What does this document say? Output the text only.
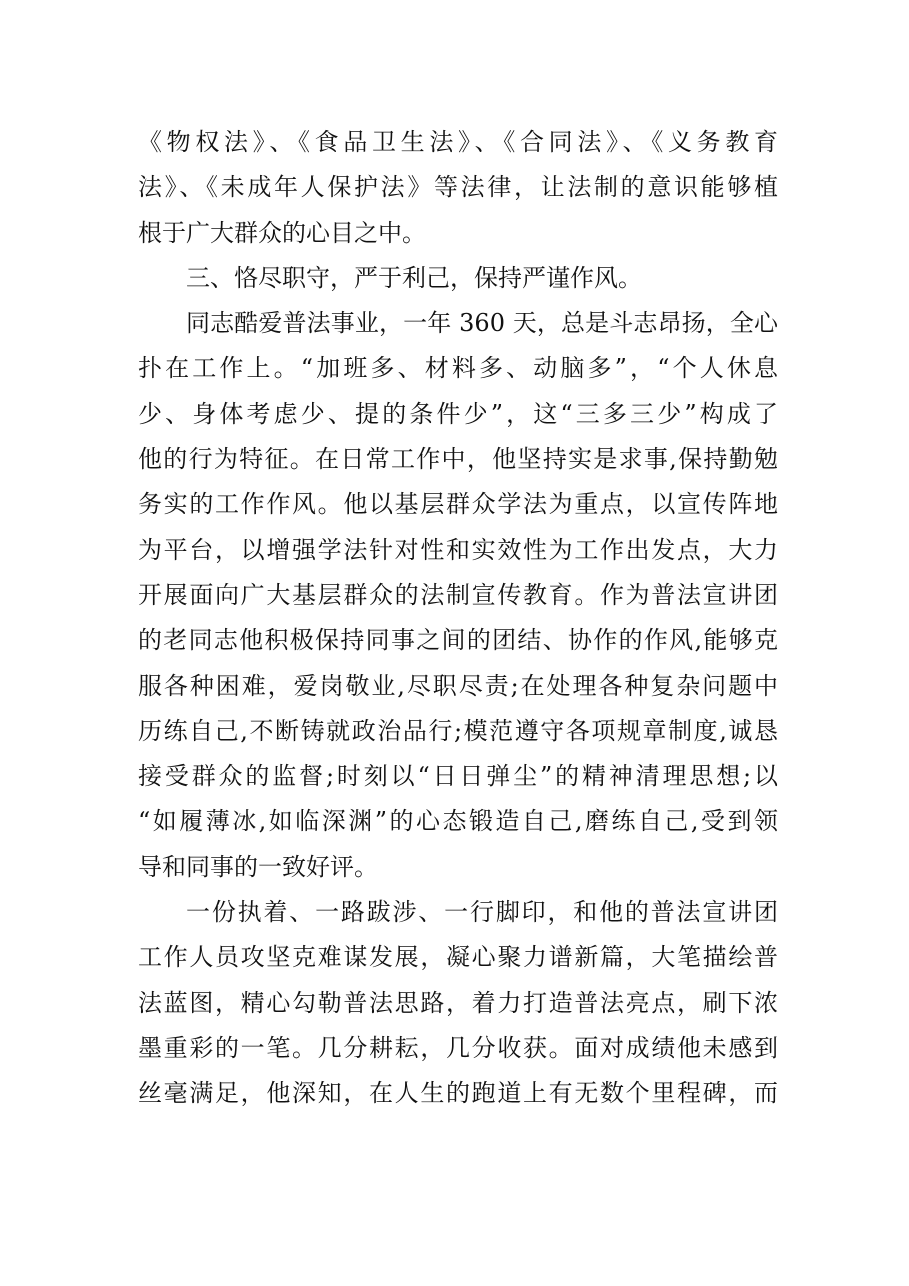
《物权法》、《食品卫生法》、《合同法》、《义务教育
法》、《未成年人保护法》等法律，让法制的意识能够植
根于广大群众的心目之中。
三、恪尽职守，严于利己，保持严谨作风。
同志酷爱普法事业，一年 360 天，总是斗志昂扬，全心
扑在工作上。“加班多、材料多、动脑多”，“个人休息
少、身体考虑少、提的条件少”，这“三多三少”构成了
他的行为特征。在日常工作中，他坚持实是求事,保持勤勉
务实的工作作风。他以基层群众学法为重点，以宣传阵地
为平台，以增强学法针对性和实效性为工作出发点，大力
开展面向广大基层群众的法制宣传教育。作为普法宣讲团
的老同志他积极保持同事之间的团结、协作的作风,能够克
服各种困难，爱岗敬业,尽职尽责;在处理各种复杂问题中
历练自己,不断铸就政治品行;模范遵守各项规章制度,诚恳
接受群众的监督;时刻以“日日弹尘”的精神清理思想;以
“如履薄冰,如临深渊”的心态锻造自己,磨练自己,受到领
导和同事的一致好评。
一份执着、一路跋涉、一行脚印，和他的普法宣讲团
工作人员攻坚克难谋发展，凝心聚力谱新篇，大笔描绘普
法蓝图，精心勾勒普法思路，着力打造普法亮点，刷下浓
墨重彩的一笔。几分耕耘，几分收获。面对成绩他未感到
丝毫满足，他深知，在人生的跑道上有无数个里程碑，而
